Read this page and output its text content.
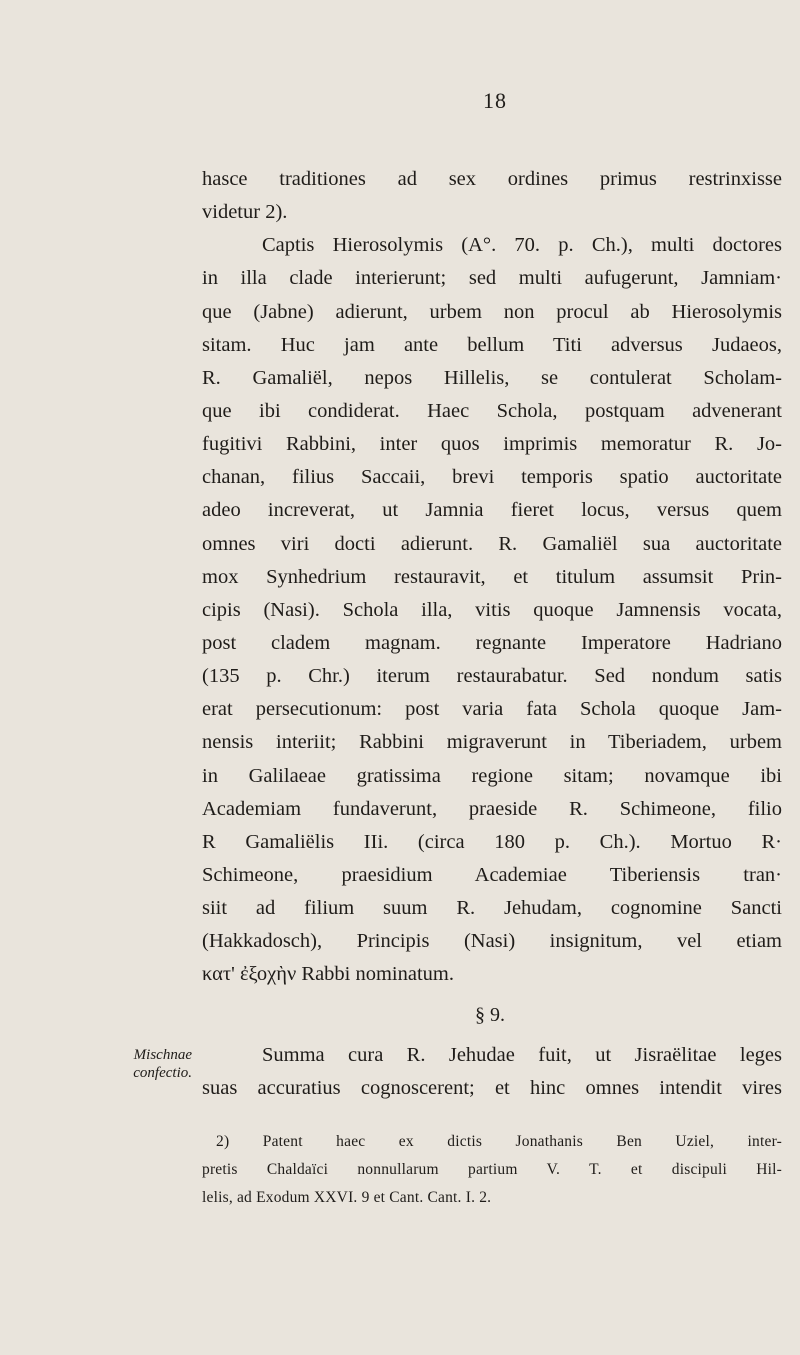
18
hasce traditiones ad sex ordines primus restrinxisse
videtur 2).
Captis Hierosolymis (A°. 70. p. Ch.), multi doctores
in illa clade interierunt; sed multi aufugerunt, Jamniam·
que (Jabne) adierunt, urbem non procul ab Hierosolymis
sitam. Huc jam ante bellum Titi adversus Judaeos,
R. Gamaliël, nepos Hillelis, se contulerat Scholam-
que ibi condiderat. Haec Schola, postquam advenerant
fugitivi Rabbini, inter quos imprimis memoratur R. Jo-
chanan, filius Saccaii, brevi temporis spatio auctoritate
adeo increverat, ut Jamnia fieret locus, versus quem
omnes viri docti adierunt. R. Gamaliël sua auctoritate
mox Synhedrium restauravit, et titulum assumsit Prin-
cipis (Nasi). Schola illa, vitis quoque Jamnensis vocata,
post cladem magnam. regnante Imperatore Hadriano
(135 p. Chr.) iterum restaurabatur. Sed nondum satis
erat persecutionum: post varia fata Schola quoque Jam-
nensis interiit; Rabbini migraverunt in Tiberiadem, urbem
in Galilaeae gratissima regione sitam; novamque ibi
Academiam fundaverunt, praeside R. Schimeone, filio
R Gamaliëlis IIi. (circa 180 p. Ch.). Mortuo R·
Schimeone, praesidium Academiae Tiberiensis tran·
siit ad filium suum R. Jehudam, cognomine Sancti
(Hakkadosch), Principis (Nasi) insignitum, vel etiam
κατ' ἐξοχὴν Rabbi nominatum.
§ 9.
Mischnae
confectio.
Summa cura R. Jehudae fuit, ut Jisraëlitae leges
suas accuratius cognoscerent; et hinc omnes intendit vires
2) Patent haec ex dictis Jonathanis Ben Uziel, inter-
pretis Chaldaïci nonnullarum partium V. T. et discipuli Hil-
lelis, ad Exodum XXVI. 9 et Cant. Cant. I. 2.
